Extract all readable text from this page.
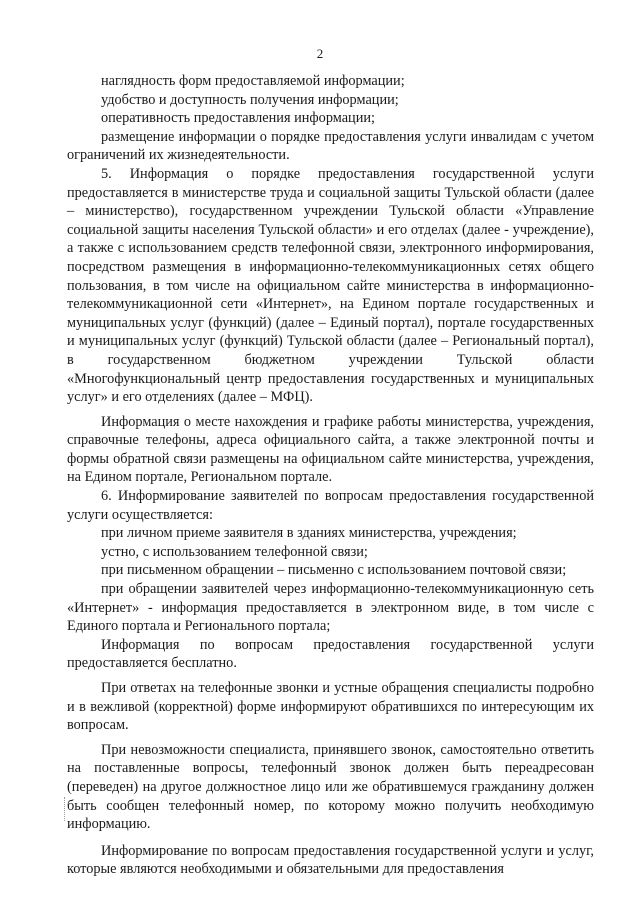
2

наглядность форм предоставляемой информации;

удобство и доступность получения информации;

оперативность предоставления информации;

размещение информации о порядке предоставления услуги инвалидам с учетом ограничений их жизнедеятельности.

5. Информация о порядке предоставления государственной услуги предоставляется в министерстве труда и социальной защиты Тульской области (далее – министерство), государственном учреждении Тульской области «Управление социальной защиты населения Тульской области» и его отделах (далее - учреждение), а также с использованием средств телефонной связи, электронного информирования, посредством размещения в информационно-телекоммуникационных сетях общего пользования, в том числе на официальном сайте министерства в информационно-телекоммуникационной сети «Интернет», на Едином портале государственных и муниципальных услуг (функций) (далее – Единый портал), портале государственных и муниципальных услуг (функций) Тульской области (далее – Региональный портал), в государственном бюджетном учреждении Тульской области «Многофункциональный центр предоставления государственных и муниципальных услуг» и его отделениях (далее – МФЦ).

Информация о месте нахождения и графике работы министерства, учреждения, справочные телефоны, адреса официального сайта, а также электронной почты и формы обратной связи размещены на официальном сайте министерства, учреждения, на Едином портале, Региональном портале.

6. Информирование заявителей по вопросам предоставления государственной услуги осуществляется:

при личном приеме заявителя в зданиях министерства, учреждения;

устно, с использованием телефонной связи;

при письменном обращении – письменно с использованием почтовой связи;

при обращении заявителей через информационно-телекоммуникационную сеть «Интернет» - информация предоставляется в электронном виде, в том числе с Единого портала и Регионального портала;

Информация по вопросам предоставления государственной услуги предоставляется бесплатно.

При ответах на телефонные звонки и устные обращения специалисты подробно и в вежливой (корректной) форме информируют обратившихся по интересующим их вопросам.

При невозможности специалиста, принявшего звонок, самостоятельно ответить на поставленные вопросы, телефонный звонок должен быть переадресован (переведен) на другое должностное лицо или же обратившемуся гражданину должен быть сообщен телефонный номер, по которому можно получить необходимую информацию.

Информирование по вопросам предоставления государственной услуги и услуг, которые являются необходимыми и обязательными для предоставления
